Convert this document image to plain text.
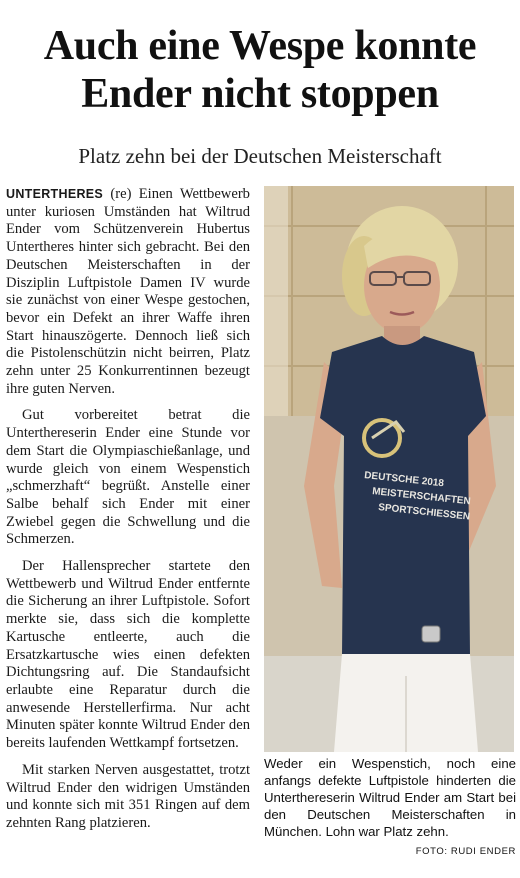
Auch eine Wespe konnte
Ender nicht stoppen
Platz zehn bei der Deutschen Meisterschaft

UNTERTHERES (re) Einen Wettbewerb unter kuriosen Umständen hat Wiltrud Ender vom Schützenverein Hubertus Untertheres hinter sich gebracht. Bei den Deutschen Meisterschaften in der Disziplin Luftpistole Damen IV wurde sie zunächst von einer Wespe gestochen, bevor ein Defekt an ihrer Waffe ihren Start hinauszögerte. Dennoch ließ sich die Pistolenschützin nicht beirren, Platz zehn unter 25 Konkurrentinnen bezeugt ihre guten Nerven.

Gut vorbereitet betrat die Unterthereserin Ender eine Stunde vor dem Start die Olympiaschießanlage, und wurde gleich von einem Wespenstich „schmerzhaft“ begrüßt. Anstelle einer Salbe behalf sich Ender mit einer Zwiebel gegen die Schwellung und die Schmerzen.

Der Hallensprecher startete den Wettbewerb und Wiltrud Ender entfernte die Sicherung an ihrer Luftpistole. Sofort merkte sie, dass sich die komplette Kartusche entleerte, auch die Ersatzkartusche wies einen defekten Dichtungsring auf. Die Standaufsicht erlaubte eine Reparatur durch die anwesende Herstellerfirma. Nur acht Minuten später konnte Wiltrud Ender den bereits laufenden Wettkampf fortsetzen.

Mit starken Nerven ausgestattet, trotzt Wiltrud Ender den widrigen Umständen und konnte sich mit 351 Ringen auf dem zehnten Rang platzieren.

DEUTSCHE 2018
MEISTERSCHAFTEN
SPORTSCHIESSEN
Weder ein Wespenstich, noch eine anfangs defekte Luftpistole hinderten die Unterthereserin Wiltrud Ender am Start bei den Deutschen Meisterschaften in München. Lohn war Platz zehn.
FOTO: RUDI ENDER
